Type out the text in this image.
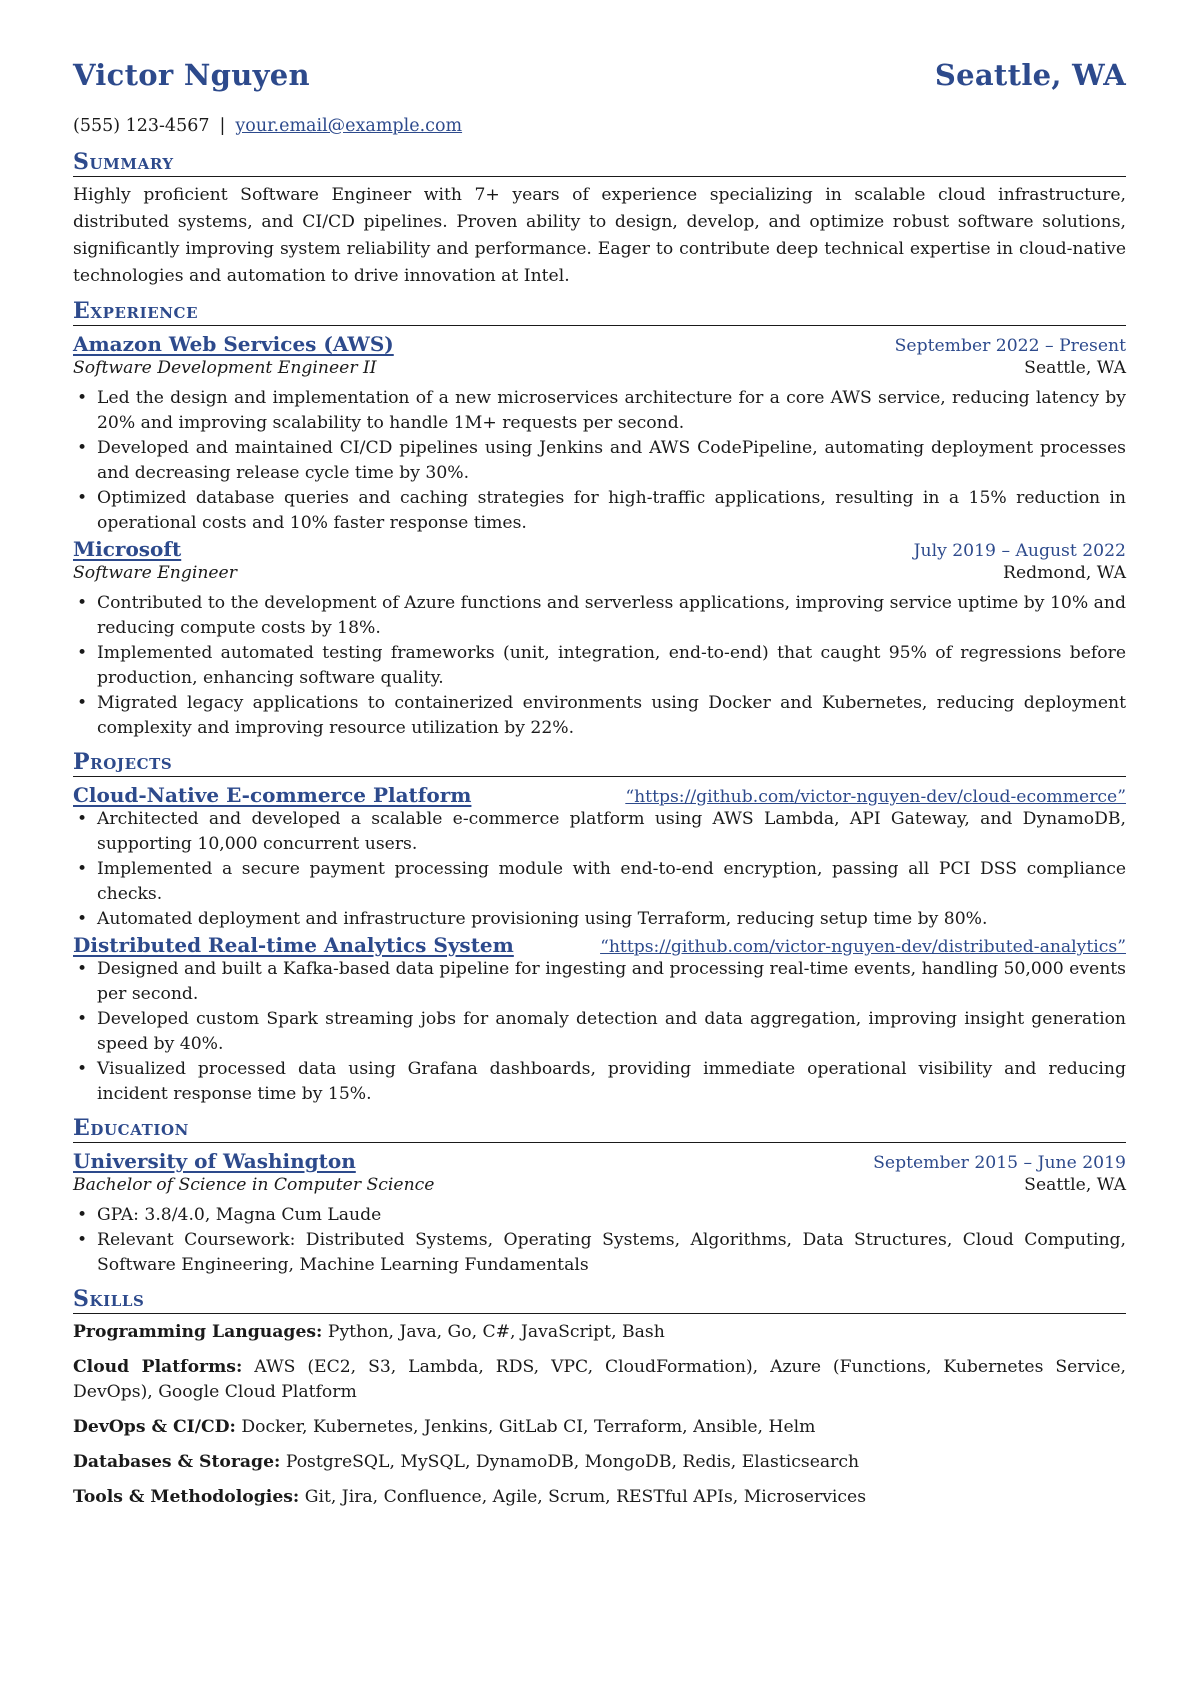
Victor Nguyen	Seattle, WA
(555) 123-4567 | your.email@example.com
Summary
Highly proficient Software Engineer with 7+ years of experience specializing in scalable cloud infrastructure, distributed systems, and CI/CD pipelines. Proven ability to design, develop, and optimize robust software solutions, significantly improving system reliability and performance. Eager to contribute deep technical expertise in cloud-native technologies and automation to drive innovation at Intel.
Experience
Amazon Web Services (AWS)	September 2022 – Present
Software Development Engineer II	Seattle, WA
• Led the design and implementation of a new microservices architecture for a core AWS service, reducing latency by 20% and improving scalability to handle 1M+ requests per second.
• Developed and maintained CI/CD pipelines using Jenkins and AWS CodePipeline, automating deployment processes and decreasing release cycle time by 30%.
• Optimized database queries and caching strategies for high-traffic applications, resulting in a 15% reduction in operational costs and 10% faster response times.
Microsoft	July 2019 – August 2022
Software Engineer	Redmond, WA
• Contributed to the development of Azure functions and serverless applications, improving service uptime by 10% and reducing compute costs by 18%.
• Implemented automated testing frameworks (unit, integration, end-to-end) that caught 95% of regressions before production, enhancing software quality.
• Migrated legacy applications to containerized environments using Docker and Kubernetes, reducing deployment complexity and improving resource utilization by 22%.
Projects
Cloud-Native E-commerce Platform	“https://github.com/victor-nguyen-dev/cloud-ecommerce”
• Architected and developed a scalable e-commerce platform using AWS Lambda, API Gateway, and DynamoDB, supporting 10,000 concurrent users.
• Implemented a secure payment processing module with end-to-end encryption, passing all PCI DSS compliance checks.
• Automated deployment and infrastructure provisioning using Terraform, reducing setup time by 80%.
Distributed Real-time Analytics System	“https://github.com/victor-nguyen-dev/distributed-analytics”
• Designed and built a Kafka-based data pipeline for ingesting and processing real-time events, handling 50,000 events per second.
• Developed custom Spark streaming jobs for anomaly detection and data aggregation, improving insight generation speed by 40%.
• Visualized processed data using Grafana dashboards, providing immediate operational visibility and reducing incident response time by 15%.
Education
University of Washington	September 2015 – June 2019
Bachelor of Science in Computer Science	Seattle, WA
• GPA: 3.8/4.0, Magna Cum Laude
• Relevant Coursework: Distributed Systems, Operating Systems, Algorithms, Data Structures, Cloud Computing, Software Engineering, Machine Learning Fundamentals
Skills
Programming Languages: Python, Java, Go, C#, JavaScript, Bash
Cloud Platforms: AWS (EC2, S3, Lambda, RDS, VPC, CloudFormation), Azure (Functions, Kubernetes Service, DevOps), Google Cloud Platform
DevOps & CI/CD: Docker, Kubernetes, Jenkins, GitLab CI, Terraform, Ansible, Helm
Databases & Storage: PostgreSQL, MySQL, DynamoDB, MongoDB, Redis, Elasticsearch
Tools & Methodologies: Git, Jira, Confluence, Agile, Scrum, RESTful APIs, Microservices
